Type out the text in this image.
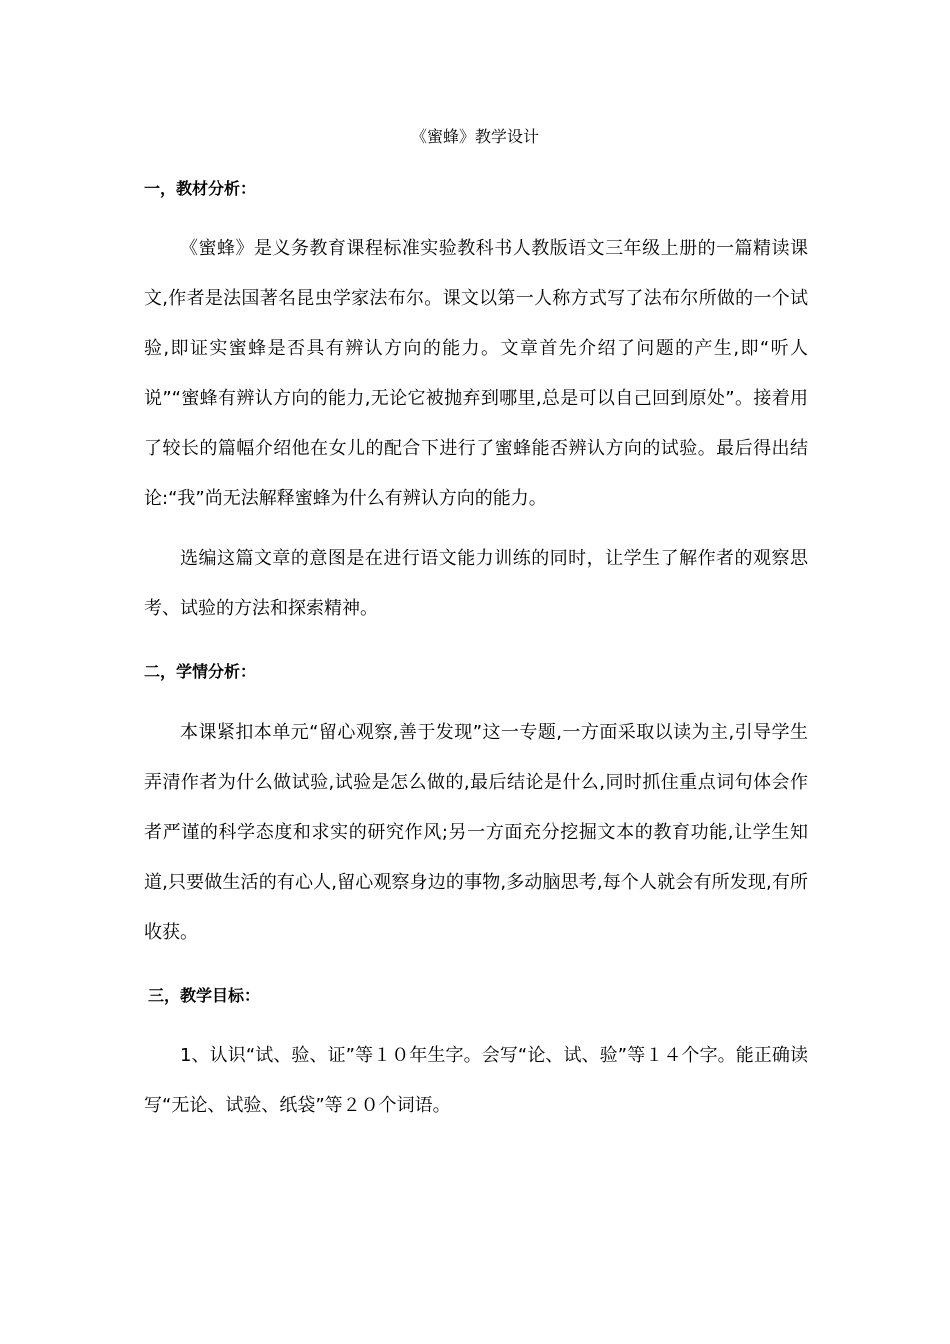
《蜜蜂》教学设计
一，教材分析：

《蜜蜂》是义务教育课程标准实验教科书人教版语文三年级上册的一篇精读课文,作者是法国著名昆虫学家法布尔。课文以第一人称方式写了法布尔所做的一个试验,即证实蜜蜂是否具有辨认方向的能力。文章首先介绍了问题的产生,即“听人说”“蜜蜂有辨认方向的能力,无论它被抛弃到哪里,总是可以自己回到原处”。接着用了较长的篇幅介绍他在女儿的配合下进行了蜜蜂能否辨认方向的试验。最后得出结论:“我”尚无法解释蜜蜂为什么有辨认方向的能力。

选编这篇文章的意图是在进行语文能力训练的同时，让学生了解作者的观察思考、试验的方法和探索精神。

二，学情分析：

本课紧扣本单元“留心观察,善于发现”这一专题,一方面采取以读为主,引导学生弄清作者为什么做试验,试验是怎么做的,最后结论是什么,同时抓住重点词句体会作者严谨的科学态度和求实的研究作风;另一方面充分挖掘文本的教育功能,让学生知道,只要做生活的有心人,留心观察身边的事物,多动脑思考,每个人就会有所发现,有所收获。

三，教学目标：

1、认识“试、验、证”等１０年生字。会写“论、试、验”等１４个字。能正确读写“无论、试验、纸袋”等２０个词语。
